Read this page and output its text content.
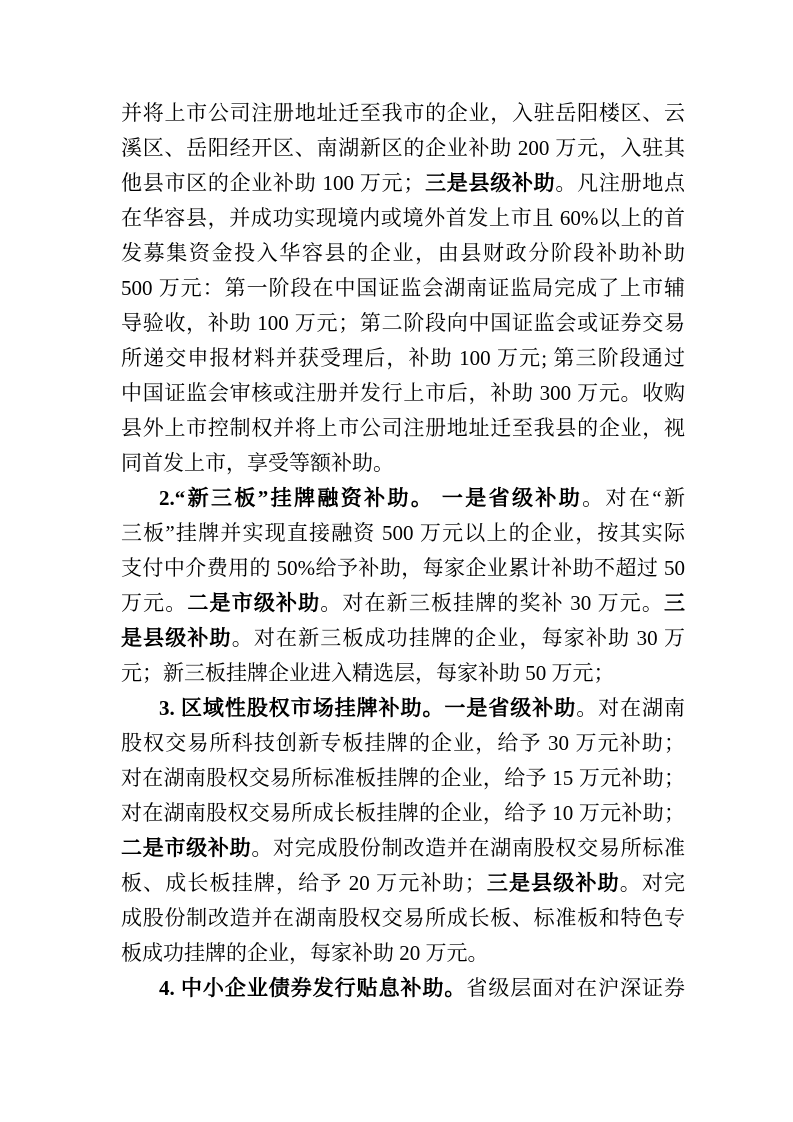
并将上市公司注册地址迁至我市的企业，入驻岳阳楼区、云
溪区、岳阳经开区、南湖新区的企业补助 200 万元，入驻其
他县市区的企业补助 100 万元；三是县级补助。凡注册地点
在华容县，并成功实现境内或境外首发上市且 60%以上的首
发募集资金投入华容县的企业，由县财政分阶段补助补助
500 万元：第一阶段在中国证监会湖南证监局完成了上市辅
导验收，补助 100 万元；第二阶段向中国证监会或证券交易
所递交申报材料并获受理后，补助 100 万元; 第三阶段通过
中国证监会审核或注册并发行上市后，补助 300 万元。收购
县外上市控制权并将上市公司注册地址迁至我县的企业，视
同首发上市，享受等额补助。
2.“新三板”挂牌融资补助。 一是省级补助。对在“新
三板”挂牌并实现直接融资 500 万元以上的企业，按其实际
支付中介费用的 50%给予补助，每家企业累计补助不超过 50
万元。二是市级补助。对在新三板挂牌的奖补 30 万元。三
是县级补助。对在新三板成功挂牌的企业，每家补助 30 万
元；新三板挂牌企业进入精选层，每家补助 50 万元；
3. 区域性股权市场挂牌补助。一是省级补助。对在湖南
股权交易所科技创新专板挂牌的企业，给予 30 万元补助；
对在湖南股权交易所标准板挂牌的企业，给予 15 万元补助；
对在湖南股权交易所成长板挂牌的企业，给予 10 万元补助；
二是市级补助。对完成股份制改造并在湖南股权交易所标准
板、成长板挂牌，给予 20 万元补助；三是县级补助。对完
成股份制改造并在湖南股权交易所成长板、标准板和特色专
板成功挂牌的企业，每家补助 20 万元。
4. 中小企业债券发行贴息补助。省级层面对在沪深证券
